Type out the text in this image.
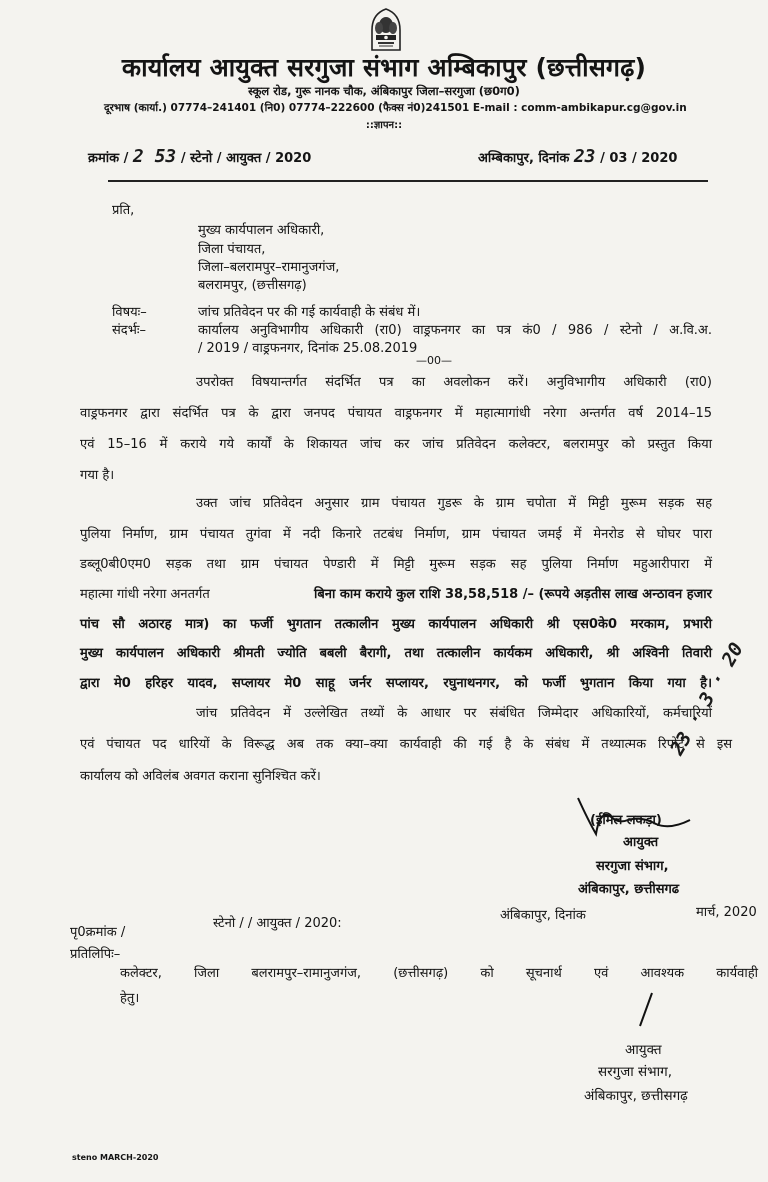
कार्यालय आयुक्त सरगुजा संभाग अम्बिकापुर (छत्तीसगढ़)
स्कूल रोड, गुरू नानक चौक, अंबिकापुर जिला–सरगुजा (छ0ग0)
दूरभाष (कार्या.) 07774–241401 (नि0) 07774–222600 (फैक्स नं0)241501 E-mail : comm-ambikapur.cg@gov.in
::ज्ञापन::
क्रमांक / 2 53 / स्टेनो / आयुक्त / 2020	अम्बिकापुर, दिनांक 23 / 03 / 2020
प्रति,
मुख्य कार्यपालन अधिकारी,
जिला पंचायत,
जिला–बलरामपुर–रामानुजगंज,
बलरामपुर, (छत्तीसगढ़)
विषयः–	जांच प्रतिवेदन पर की गई कार्यवाही के संबंध में।
संदर्भः–	कार्यालय अनुविभागीय अधिकारी (रा0) वाड्रफनगर का पत्र कं0 / 986 / स्टेनो / अ.वि.अ.
/ 2019 / वाड्रफनगर, दिनांक 25.08.2019
—00—
उपरोक्त विषयान्तर्गत संदर्भित पत्र का अवलोकन करें। अनुविभागीय अधिकारी (रा0)
वाड्रफनगर द्वारा संदर्भित पत्र के द्वारा जनपद पंचायत वाड्रफनगर में महात्मागांधी नरेगा अन्तर्गत वर्ष 2014–15
एवं 15–16 में कराये गये कार्यों के शिकायत जांच कर जांच प्रतिवेदन कलेक्टर, बलरामपुर को प्रस्तुत किया
गया है।
उक्त जांच प्रतिवेदन अनुसार ग्राम पंचायत गुडरू के ग्राम चपोता में मिट्टी मुरूम सड़क सह
पुलिया निर्माण, ग्राम पंचायत तुगंवा में नदी किनारे तटबंध निर्माण, ग्राम पंचायत जमई में मेनरोड से घोघर पारा
डब्लू0बी0एम0 सड़क तथा ग्राम पंचायत पेण्डारी में मिट्टी मुरूम सड़क सह पुलिया निर्माण महुआरीपारा में
महात्मा गांधी नरेगा अनतर्गत	बिना काम कराये कुल राशि 38,58,518 /– (रूपये अड़तीस लाख अन्ठावन हजार
पांच सौ अठारह मात्र) का फर्जी भुगतान तत्कालीन मुख्य कार्यपालन अधिकारी श्री एस0के0 मरकाम, प्रभारी
मुख्य कार्यपालन अधिकारी श्रीमती ज्योति बबली बैरागी, तथा तत्कालीन कार्यकम अधिकारी, श्री अश्विनी तिवारी
द्वारा मे0 हरिहर यादव, सप्लायर मे0 साहू जर्नर सप्लायर, रघुनाथनगर, को फर्जी भुगतान किया गया है।
जांच प्रतिवेदन में उल्लेखित तथ्यों के आधार पर संबंधित जिम्मेदार अधिकारियों, कर्मचारियों
एवं पंचायत पद धारियों के विरूद्ध अब तक क्या–क्या कार्यवाही की गई है के संबंध में तथ्यात्मक रिपोर्ट से इस
कार्यालय को अविलंब अवगत कराना सुनिश्चित करें।
23 · 3 · 20
(ईमिल लकड़ा)
आयुक्त
सरगुजा संभाग,
अंबिकापुर, छत्तीसगढ
पृ0क्रमांक /
स्टेनो / / आयुक्त / 2020:
अंबिकापुर, दिनांक	मार्च, 2020
प्रतिलिपिः–
कलेक्टर, जिला बलरामपुर–रामानुजगंज, (छत्तीसगढ़) को सूचनार्थ एवं आवश्यक कार्यवाही
हेतु।
आयुक्त
सरगुजा संभाग,
अंबिकापुर, छत्तीसगढ़
steno MARCH-2020
